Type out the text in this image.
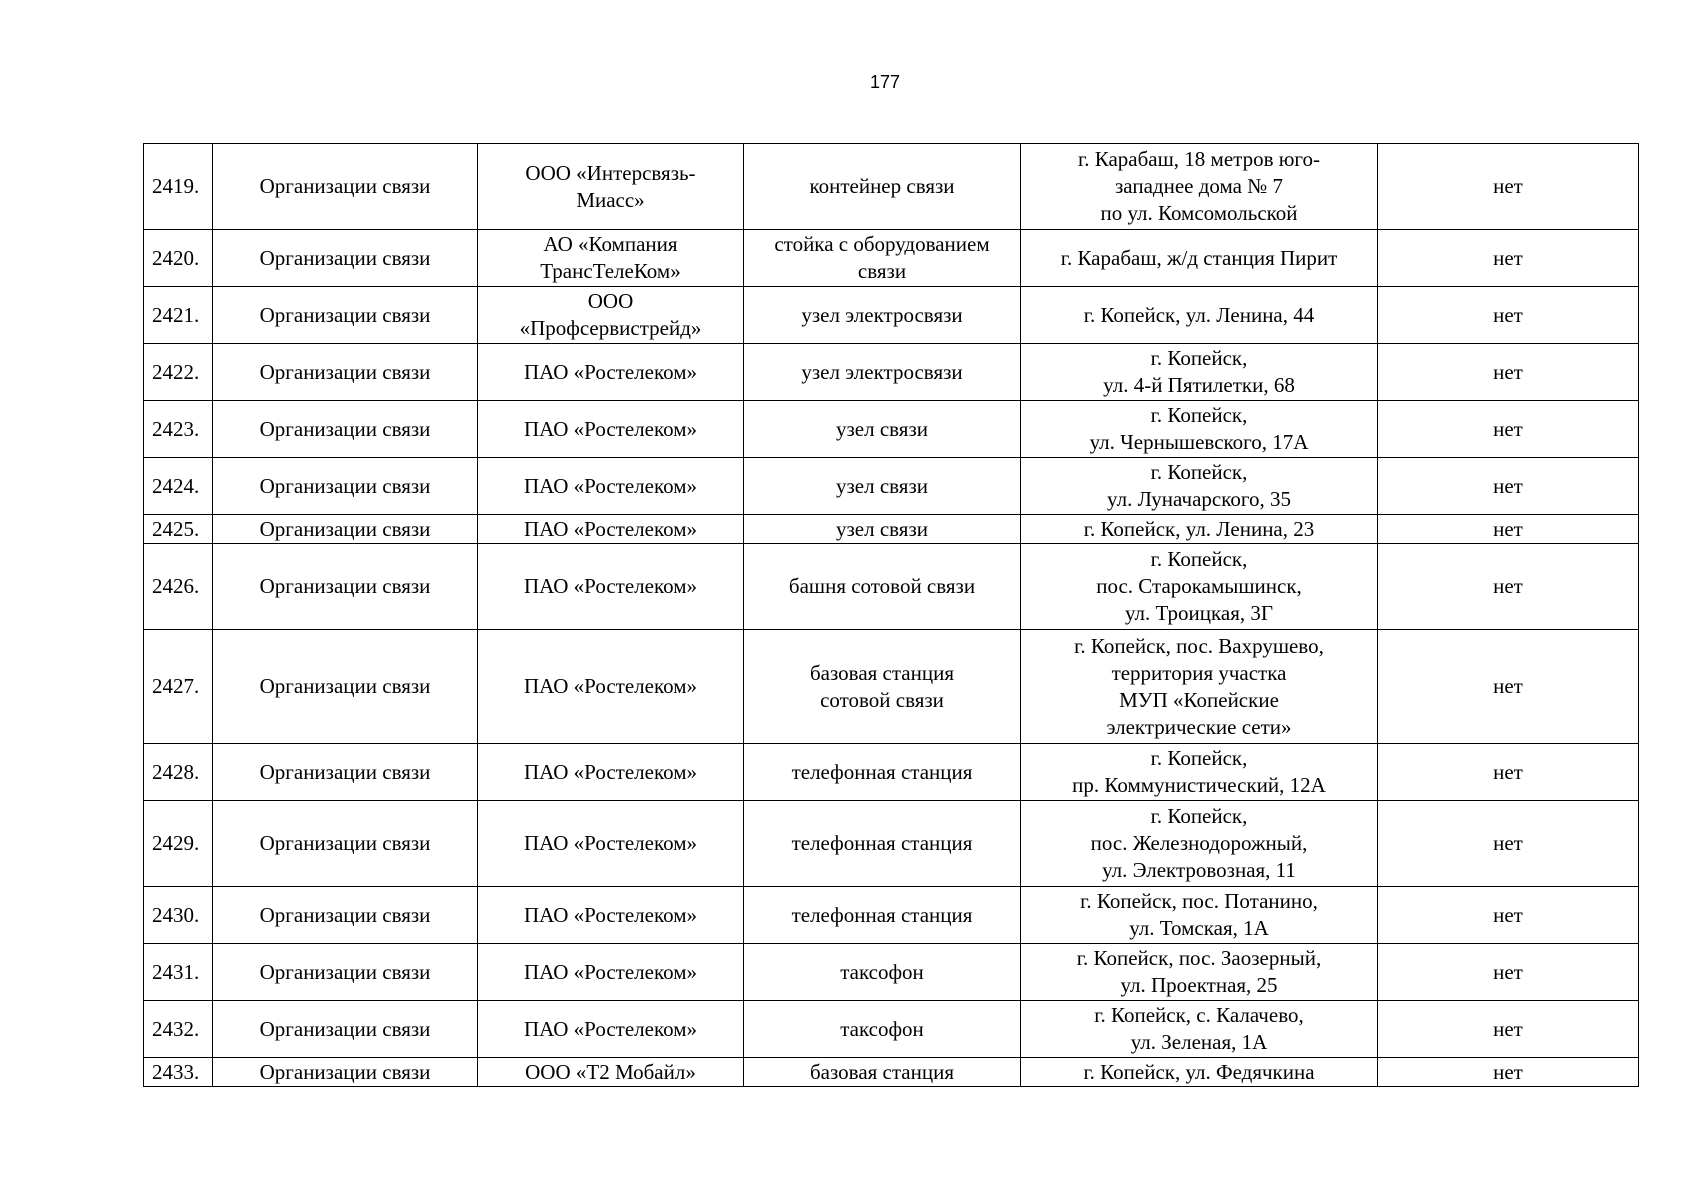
177
2419.	Организации связи	ООО «Интерсвязь-
Миасс»	контейнер связи	г. Карабаш, 18 метров юго-
западнее дома № 7
по ул. Комсомольской	нет
2420.	Организации связи	АО «Компания
ТрансТелеКом»	стойка с оборудованием
связи	г. Карабаш, ж/д станция Пирит	нет
2421.	Организации связи	ООО
«Профсервистрейд»	узел электросвязи	г. Копейск, ул. Ленина, 44	нет
2422.	Организации связи	ПАО «Ростелеком»	узел электросвязи	г. Копейск,
ул. 4-й Пятилетки, 68	нет
2423.	Организации связи	ПАО «Ростелеком»	узел связи	г. Копейск,
ул. Чернышевского, 17А	нет
2424.	Организации связи	ПАО «Ростелеком»	узел связи	г. Копейск,
ул. Луначарского, 35	нет
2425.	Организации связи	ПАО «Ростелеком»	узел связи	г. Копейск, ул. Ленина, 23	нет
2426.	Организации связи	ПАО «Ростелеком»	башня сотовой связи	г. Копейск,
пос. Старокамышинск,
ул. Троицкая, 3Г	нет
2427.	Организации связи	ПАО «Ростелеком»	базовая станция
сотовой связи	г. Копейск, пос. Вахрушево,
территория участка
МУП «Копейские
электрические сети»	нет
2428.	Организации связи	ПАО «Ростелеком»	телефонная станция	г. Копейск,
пр. Коммунистический, 12А	нет
2429.	Организации связи	ПАО «Ростелеком»	телефонная станция	г. Копейск,
пос. Железнодорожный,
ул. Электровозная, 11	нет
2430.	Организации связи	ПАО «Ростелеком»	телефонная станция	г. Копейск, пос. Потанино,
ул. Томская, 1А	нет
2431.	Организации связи	ПАО «Ростелеком»	таксофон	г. Копейск, пос. Заозерный,
ул. Проектная, 25	нет
2432.	Организации связи	ПАО «Ростелеком»	таксофон	г. Копейск, с. Калачево,
ул. Зеленая, 1А	нет
2433.	Организации связи	ООО «Т2 Мобайл»	базовая станция	г. Копейск, ул. Федячкина	нет
